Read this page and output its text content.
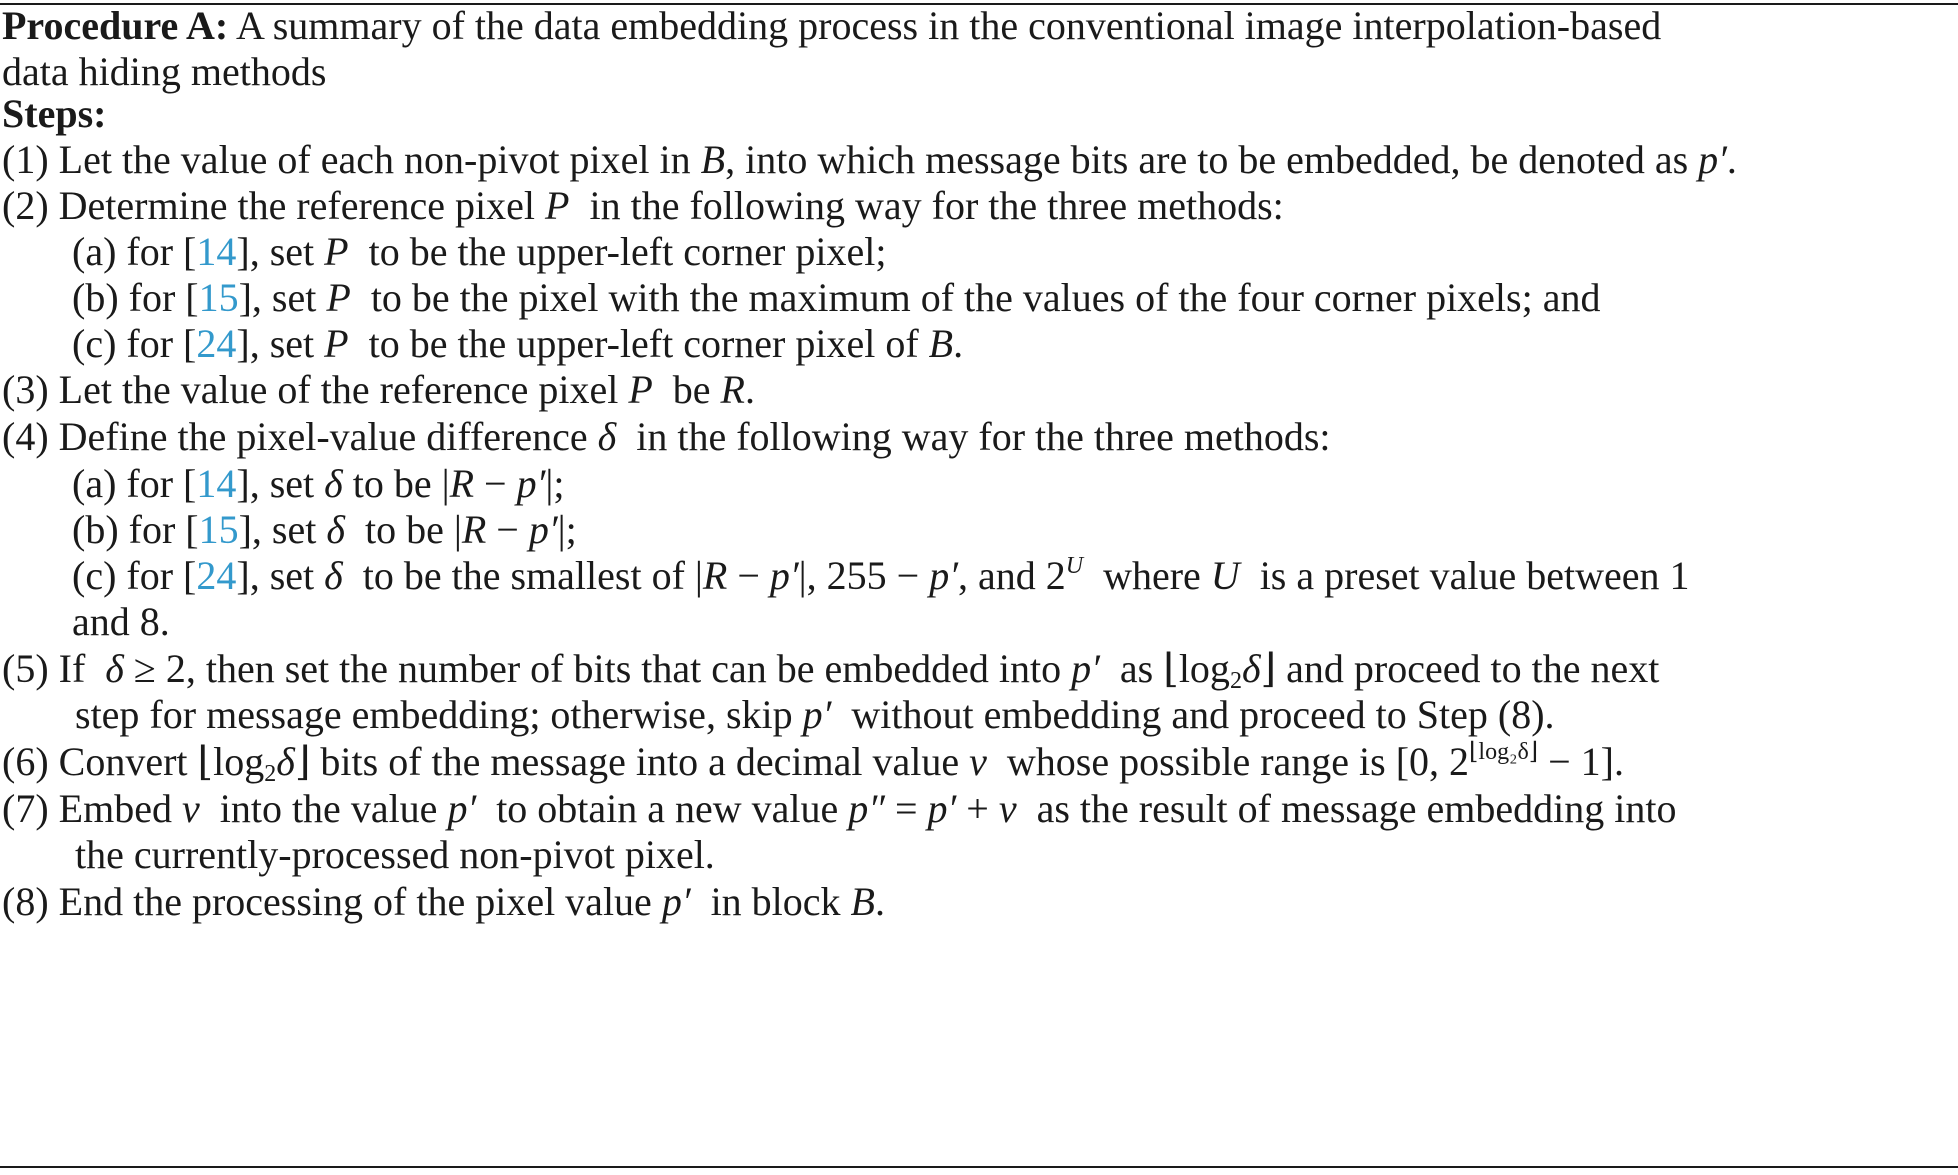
Procedure A: A summary of the data embedding process in the conventional image interpolation-based
data hiding methods
Steps:
(1) Let the value of each non-pivot pixel in B, into which message bits are to be embedded, be denoted as p′.
(2) Determine the reference pixel P in the following way for the three methods:
(a) for [14], set P to be the upper-left corner pixel;
(b) for [15], set P to be the pixel with the maximum of the values of the four corner pixels; and
(c) for [24], set P to be the upper-left corner pixel of B.
(3) Let the value of the reference pixel P be R.
(4) Define the pixel-value difference δ in the following way for the three methods:
(a) for [14], set δ to be |R − p′|;
(b) for [15], set δ to be |R − p′|;
(c) for [24], set δ to be the smallest of |R − p′|, 255 − p′, and $2^U$ where U is a preset value between 1
and 8.
(5) If δ ≥ 2, then set the number of bits that can be embedded into p′ as $⌊\log_2\delta⌋$ and proceed to the next
step for message embedding; otherwise, skip p′ without embedding and proceed to Step (8).
(6) Convert $⌊\log_2\delta⌋$ bits of the message into a decimal value v whose possible range is [0, $2^{⌊log_2\delta⌋} - 1$].
(7) Embed v into the value p′ to obtain a new value p″ = p′ + v as the result of message embedding into
the currently-processed non-pivot pixel.
(8) End the processing of the pixel value p′ in block B.
